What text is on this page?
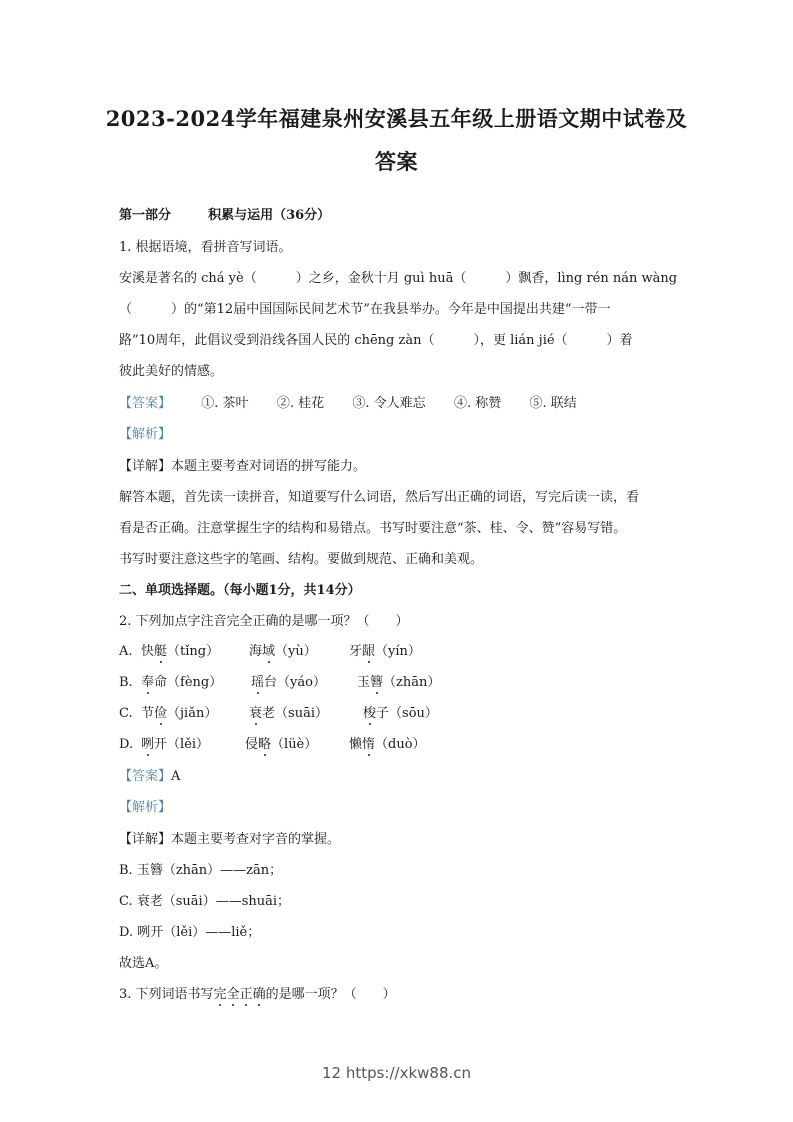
2023-2024学年福建泉州安溪县五年级上册语文期中试卷及
答案
第一部分	积累与运用（36分）
1. 根据语境，看拼音写词语。
安溪是著名的 chá yè（　　　）之乡，金秋十月 guì huā（　　　）飘香，lìng rén nán wàng
（　　　）的“第12届中国国际民间艺术节”在我县举办。今年是中国提出共建“一带一
路”10周年，此倡议受到沿线各国人民的 chēng zàn（　　　），更 lián jié（　　　）着
彼此美好的情感。
【答案】 ①. 茶叶 ②. 桂花 ③. 令人难忘 ④. 称赞 ⑤. 联结
【解析】
【详解】本题主要考查对词语的拼写能力。
解答本题，首先读一读拼音，知道要写什么词语，然后写出正确的词语，写完后读一读，看
看是否正确。注意掌握生字的结构和易错点。书写时要注意“茶、桂、令、赞”容易写错。
书写时要注意这些字的笔画、结构。要做到规范、正确和美观。
二、单项选择题。（每小题1分，共14分）
2. 下列加点字注音完全正确的是哪一项？（　　）
A. 快艇（tǐng） 海域（yù） 牙龈（yín）
B. 奉命（fèng） 瑶台（yáo） 玉簪（zhān）
C. 节俭（jiǎn） 衰老（suāi）	梭子（sōu）
D. 咧开（lěi）	侵略（lüè） 懒惰（duò）
【答案】A
【解析】
【详解】本题主要考查对字音的掌握。
B. 玉簪（zhān）——zān；
C. 衰老（suāi）——shuāi；
D. 咧开（lěi）——liě；
故选A。
3. 下列词语书写完全正确的是哪一项？（　　）
12 https://xkw88.cn
